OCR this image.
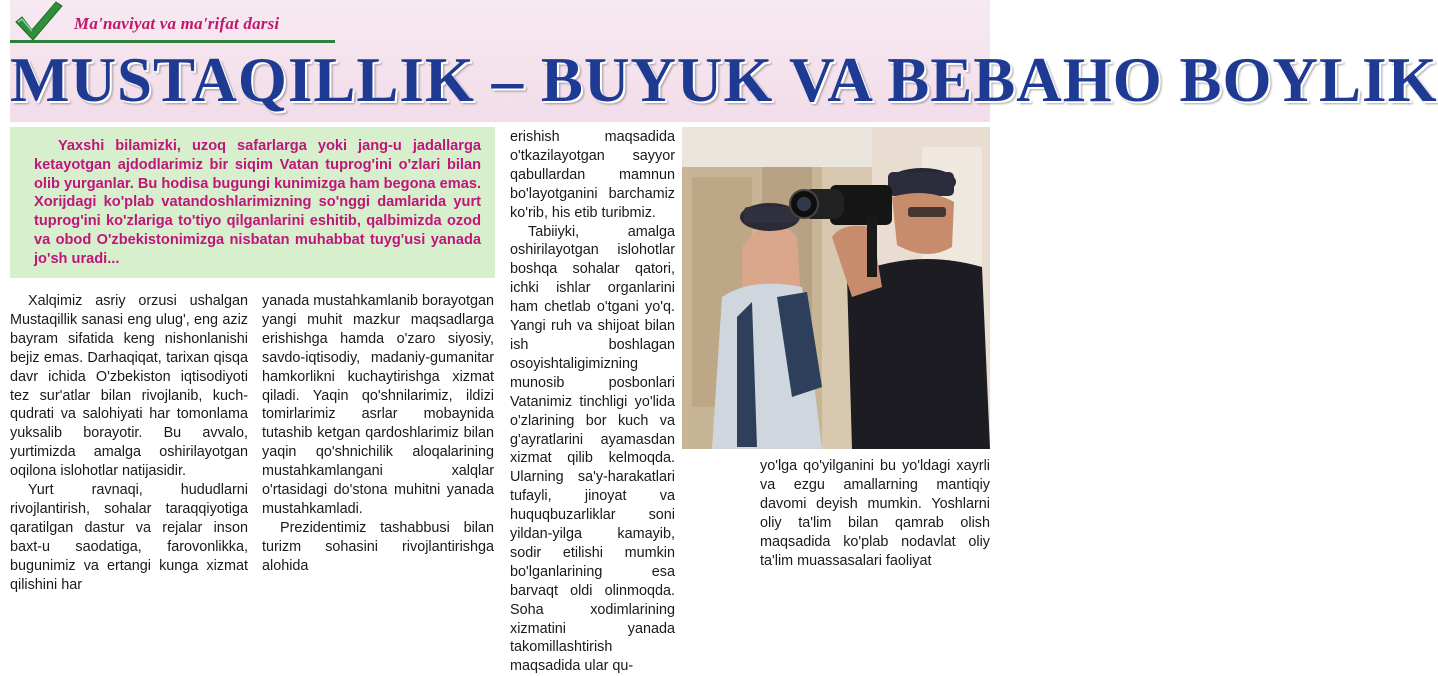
Ma'naviyat va ma'rifat darsi
MUSTAQILLIK – BUYUK VA BEBAHO BOYLIK

Yaxshi bilamizki, uzoq safarlarga yoki jang-u jadallarga ketayotgan ajdodlarimiz bir siqim Vatan tuprog'ini o'zlari bilan olib yurganlar. Bu hodisa bugungi kunimizga ham begona emas. Xorijdagi ko'plab vatandoshlarimizning so'nggi damlarida yurt tuprog'ini ko'zlariga to'tiyo qilganlarini eshitib, qalbimizda ozod va obod O'zbekistonimizga nisbatan muhabbat tuyg'usi yanada jo'sh uradi...

Xalqimiz asriy orzusi ushalgan Mustaqillik sanasi eng ulug', eng aziz bayram sifatida keng nishonlanishi bejiz emas. Darhaqiqat, tarixan qisqa davr ichida O'zbekiston iqtisodiyoti tez sur'atlar bilan rivojlanib, kuch-qudrati va salohiyati har tomonlama yuksalib borayotir. Bu avvalo, yurtimizda amalga oshirilayotgan oqilona islohotlar natijasidir.

Yurt ravnaqi, hududlarni rivojlantirish, sohalar taraqqiyotiga qaratilgan dastur va rejalar inson baxt-u saodatiga, farovonlikka, bugunimiz va ertangi kunga xizmat qilishini har

yanada mustahkamlanib borayotgan yangi muhit mazkur maqsadlarga erishishga hamda o'zaro siyosiy, savdo-iqtisodiy, madaniy-gumanitar hamkorlikni kuchaytirishga xizmat qiladi. Yaqin qo'shnilarimiz, ildizi tomirlarimiz asrlar mobaynida tutashib ketgan qardoshlarimiz bilan yaqin qo'shnichilik aloqalarining mustahkamlangani xalqlar o'rtasidagi do'stona muhitni yanada mustahkamladi.

Prezidentimiz tashabbusi bilan turizm sohasini rivojlantirishga alohida

erishish maqsadida o'tkazilayotgan sayyor qabullardan mamnun bo'layotganini barchamiz ko'rib, his etib turibmiz.

Tabiiyki, amalga oshirilayotgan islohotlar boshqa sohalar qatori, ichki ishlar organlarini ham chetlab o'tgani yo'q. Yangi ruh va shijoat bilan ish boshlagan osoyishtaligimizning munosib posbonlari Vatanimiz tinchligi yo'lida o'zlarining bor kuch va g'ayratlarini ayamasdan xizmat qilib kelmoqda. Ularning sa'y-harakatlari tufayli, jinoyat va huquqbuzarliklar soni yildan-yilga kamayib, sodir etilishi mumkin bo'lganlarining esa barvaqt oldi olinmoqda. Soha xodimlarining xizmatini yanada takomillashtirish maqsadida ular qu-

yo'lga qo'yilganini bu yo'ldagi xayrli va ezgu amallarning mantiqiy davomi deyish mumkin. Yoshlarni oliy ta'lim bilan qamrab olish maqsadida ko'plab nodavlat oliy ta'lim muassasalari faoliyat
